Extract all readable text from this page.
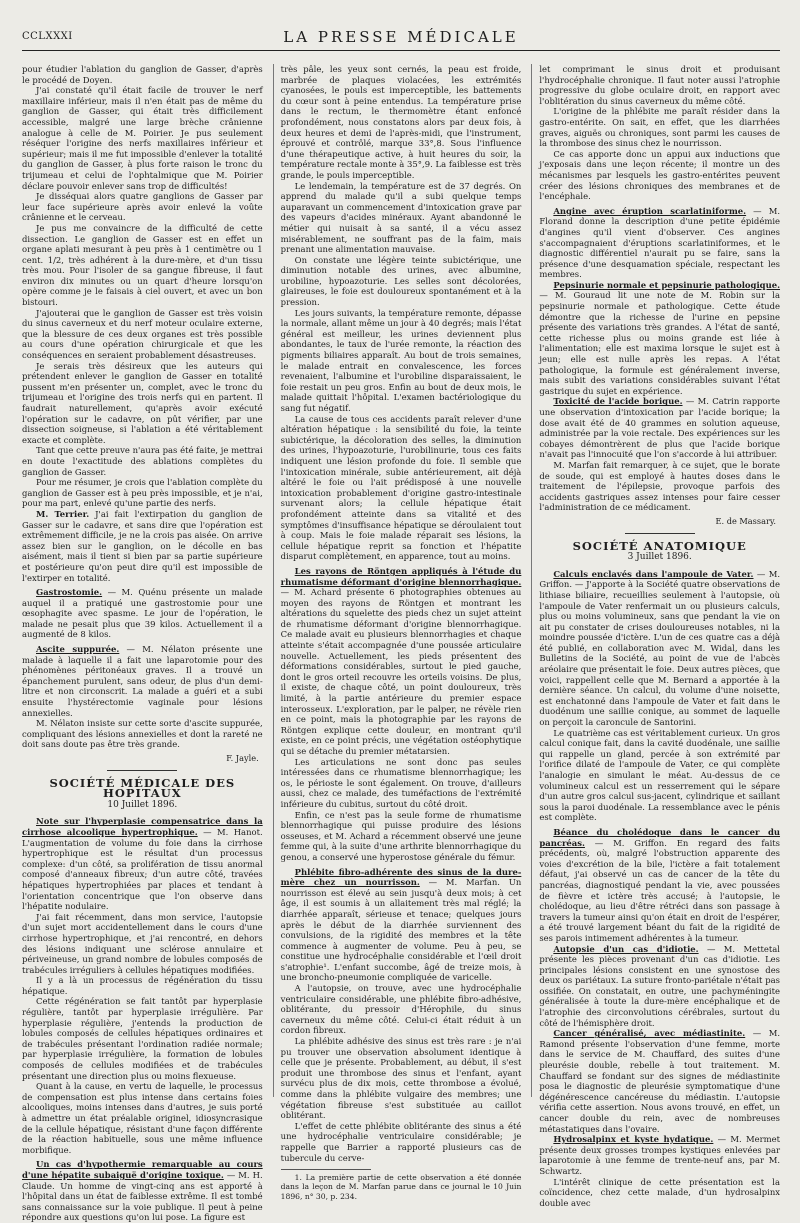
CCLXXXI	LA PRESSE MÉDICALE

pour étudier l'ablation du ganglion de Gasser, d'après le procédé de Doyen.

J'ai constaté qu'il était facile de trouver le nerf maxillaire inférieur, mais il n'en était pas de même du ganglion de Gasser, qui était très difficilement accessible, malgré une large brèche crânienne analogue à celle de M. Poirier. Je pus seulement réséquer l'origine des nerfs maxillaires inférieur et supérieur; mais il me fut impossible d'enlever la totalité du ganglion de Gasser, à plus forte raison le tronc du trijumeau et celui de l'ophtalmique que M. Poirier déclare pouvoir enlever sans trop de difficultés!

Je disséquai alors quatre ganglions de Gasser par leur face supérieure après avoir enlevé la voûte crânienne et le cerveau.

Je pus me convaincre de la difficulté de cette dissection. Le ganglion de Gasser est en effet un organe aplati mesurant à peu près à 1 centimètre ou 1 cent. 1/2, très adhérent à la dure-mère, et d'un tissu très mou. Pour l'isoler de sa gangue fibreuse, il faut environ dix minutes ou un quart d'heure lorsqu'on opère comme je le faisais à ciel ouvert, et avec un bon bistouri.

J'ajouterai que le ganglion de Gasser est très voisin du sinus caverneux et du nerf moteur oculaire externe, que la blessure de ces deux organes est très possible au cours d'une opération chirurgicale et que les conséquences en seraient probablement désastreuses.

Je serais très désireux que les auteurs qui prétendent enlever le ganglion de Gasser en totalité pussent m'en présenter un, complet, avec le tronc du trijumeau et l'origine des trois nerfs qui en partent. Il faudrait naturellement, qu'après avoir exécuté l'opération sur le cadavre, on pût vérifier, par une dissection soigneuse, si l'ablation a été véritablement exacte et complète.

Tant que cette preuve n'aura pas été faite, je mettrai en doute l'exactitude des ablations complètes du ganglion de Gasser.

Pour me résumer, je crois que l'ablation complète du ganglion de Gasser est à peu près impossible, et je n'ai, pour ma part, enlevé qu'une partie des nerfs.

M. Terrier. J'ai fait l'extirpation du ganglion de Gasser sur le cadavre, et sans dire que l'opération est extrêmement difficile, je ne la crois pas aisée. On arrive assez bien sur le ganglion, on le décolle en bas aisément, mais il tient si bien par sa partie supérieure et postérieure qu'on peut dire qu'il est impossible de l'extirper en totalité.

Gastrostomie. — M. Quénu présente un malade auquel il a pratiqué une gastrostomie pour une œsophagite avec spasme. Le jour de l'opération, le malade ne pesait plus que 39 kilos. Actuellement il a augmenté de 8 kilos.

Ascite suppurée. — M. Nélaton présente une malade à laquelle il a fait une laparotomie pour des phénomènes péritonéaux graves. Il a trouvé un épanchement purulent, sans odeur, de plus d'un demi-litre et non circonscrit. La malade a guéri et a subi ensuite l'hystérectomie vaginale pour lésions annexielles.

M. Nélaton insiste sur cette sorte d'ascite suppurée, compliquant des lésions annexielles et dont la rareté ne doit sans doute pas être très grande.

F. Jayle.
SOCIÉTÉ MÉDICALE DES HOPITAUX
10 Juillet 1896.

Note sur l'hyperplasie compensatrice dans la cirrhose alcoolique hypertrophique. — M. Hanot. L'augmentation de volume du foie dans la cirrhose hypertrophique est le résultat d'un processus complexe: d'un côté, sa prolifération de tissu anormal composé d'anneaux fibreux; d'un autre côté, travées hépatiques hypertrophiées par places et tendant à l'orientation concentrique que l'on observe dans l'hépatite nodulaire.

J'ai fait récemment, dans mon service, l'autopsie d'un sujet mort accidentellement dans le cours d'une cirrhose hypertrophique, et j'ai rencontré, en dehors des lésions indiquant une sclérose annulaire et périveineuse, un grand nombre de lobules composés de trabécules irréguliers à cellules hépatiques modifiées.

Il y a là un processus de régénération du tissu hépatique.

Cette régénération se fait tantôt par hyperplasie régulière, tantôt par hyperplasie irrégulière. Par hyperplasie régulière, j'entends la production de lobules composés de cellules hépatiques ordinaires et de trabécules présentant l'ordination radiée normale; par hyperplasie irrégulière, la formation de lobules composés de cellules modifiées et de trabécules présentant une direction plus ou moins flexueuse.

Quant à la cause, en vertu de laquelle, le processus de compensation est plus intense dans certains foies alcooliques, moins intenses dans d'autres, je suis porté à admettre un état préalable originel, idiosyncrasique de la cellule hépatique, résistant d'une façon différente de la réaction habituelle, sous une même influence morbifique.

Un cas d'hypothermie remarquable au cours d'une hépatite subaiguë d'origine toxique. — M. H. Claude. Un homme de vingt-cinq ans est apporté à l'hôpital dans un état de faiblesse extrême. Il est tombé sans connaissance sur la voie publique. Il peut à peine répondre aux questions qu'on lui pose. La figure est

très pâle, les yeux sont cernés, la peau est froide, marbrée de plaques violacées, les extrémités cyanosées, le pouls est imperceptible, les battements du cœur sont à peine entendus. La température prise dans le rectum, le thermomètre étant enfoncé profondément, nous constatons alors par deux fois, à deux heures et demi de l'après-midi, que l'instrument, éprouvé et contrôlé, marque 33°,8. Sous l'influence d'une thérapeutique active, à huit heures du soir, la température rectale monte à 35°,9. La faiblesse est très grande, le pouls imperceptible.

Le lendemain, la température est de 37 degrés. On apprend du malade qu'il a subi quelque temps auparavant un commencement d'intoxication grave par des vapeurs d'acides minéraux. Ayant abandonné le métier qui nuisait à sa santé, il a vécu assez misérablement, ne souffrant pas de la faim, mais prenant une alimentation mauvaise.

On constate une légère teinte subictérique, une diminution notable des urines, avec albumine, urobiline, hypoazoturie. Les selles sont décolorées, glaireuses, le foie est douloureux spontanément et à la pression.

Les jours suivants, la température remonte, dépasse la normale, allant même un jour à 40 degrés; mais l'état général est meilleur, les urines deviennent plus abondantes, le taux de l'urée remonte, la réaction des pigments biliaires apparaît. Au bout de trois semaines, le malade entrait en convalescence, les forces revenaient, l'albumine et l'urobiline disparaissaient, le foie restait un peu gros. Enfin au bout de deux mois, le malade quittait l'hôpital. L'examen bactériologique du sang fut négatif.

La cause de tous ces accidents paraît relever d'une altération hépatique : la sensibilité du foie, la teinte subictérique, la décoloration des selles, la diminution des urines, l'hypoazoturie, l'urobilinurie, tous ces faits indiquent une lésion profonde du foie. Il semble que l'intoxication minérale, subie antérieurement, ait déjà altéré le foie ou l'ait prédisposé à une nouvelle intoxication probablement d'origine gastro-intestinale survenant alors; la cellule hépatique était profondément atteinte dans sa vitalité et des symptômes d'insuffisance hépatique se déroulaient tout à coup. Mais le foie malade réparait ses lésions, la cellule hépatique reprit sa fonction et l'hépatite disparut complètement, en apparence, tout au moins.

Les rayons de Röntgen appliqués à l'étude du rhumatisme déformant d'origine blennorrhagique. — M. Achard présente 6 photographies obtenues au moyen des rayons de Röntgen et montrant les altérations du squelette des pieds chez un sujet atteint de rhumatisme déformant d'origine blennorrhagique. Ce malade avait eu plusieurs blennorrhagies et chaque atteinte s'était accompagnée d'une poussée articulaire nouvelle. Actuellement, les pieds présentent des déformations considérables, surtout le pied gauche, dont le gros orteil recouvre les orteils voisins. De plus, il existe, de chaque côté, un point douloureux, très limité, à la partie antérieure du premier espace interosseux. L'exploration, par le palper, ne révèle rien en ce point, mais la photographie par les rayons de Röntgen explique cette douleur, en montrant qu'il existe, en ce point précis, une végétation ostéophytique qui se détache du premier métatarsien.

Les articulations ne sont donc pas seules intéressées dans ce rhumatisme blennorrhagique; les os, le périoste le sont également. On trouve, d'ailleurs aussi, chez ce malade, des tuméfactions de l'extrémité inférieure du cubitus, surtout du côté droit.

Enfin, ce n'est pas la seule forme de rhumatisme blennorrhagique qui puisse produire des lésions osseuses, et M. Achard a récemment observé une jeune femme qui, à la suite d'une arthrite blennorrhagique du genou, a conservé une hyperostose générale du fémur.

Phlébite fibro-adhérente des sinus de la dure-mère chez un nourrisson. — M. Marfan. Un nourrisson est élevé au sein jusqu'à deux mois; à cet âge, il est soumis à un allaitement très mal réglé; la diarrhée apparaît, sérieuse et tenace; quelques jours après le début de la diarrhée surviennent des convulsions, de la rigidité des membres et la tête commence à augmenter de volume. Peu à peu, se constitue une hydrocéphalie considérable et l'œil droit s'atrophie¹. L'enfant succombe, âgé de treize mois, à une broncho-pneumonie compliquée de varicelle.

A l'autopsie, on trouve, avec une hydrocéphalie ventriculaire considérable, une phlébite fibro-adhésive, oblitérante, du pressoir d'Hérophile, du sinus caverneux du même côté. Celui-ci était réduit à un cordon fibreux.

La phlébite adhésive des sinus est très rare : je n'ai pu trouver une observation absolument identique à celle que je présente. Probablement, au début, il s'est produit une thrombose des sinus et l'enfant, ayant survécu plus de dix mois, cette thrombose a évolué, comme dans la phlébite vulgaire des membres; une végétation fibreuse s'est substituée au caillot oblitérant.

L'effet de cette phlébite oblitérante des sinus a été une hydrocéphalie ventriculaire considérable; je rappelle que Barrier a rapporté plusieurs cas de tubercule du cerve-

1. La première partie de cette observation a été donnée dans la leçon de M. Marfan parue dans ce journal le 10 Juin 1896, n° 30, p. 234.

let comprimant le sinus droit et produisant l'hydrocéphalie chronique. Il faut noter aussi l'atrophie progressive du globe oculaire droit, en rapport avec l'oblitération du sinus caverneux du même côté.

L'origine de la phlébite me paraît résider dans la gastro-entérite. On sait, en effet, que les diarrhées graves, aiguës ou chroniques, sont parmi les causes de la thrombose des sinus chez le nourrisson.

Ce cas apporte donc un appui aux inductions que j'exposais dans une leçon récente; il montre un des mécanismes par lesquels les gastro-entérites peuvent créer des lésions chroniques des membranes et de l'encéphale.

Angine avec éruption scarlatiniforme. — M. Florand donne la description d'une petite épidémie d'angines qu'il vient d'observer. Ces angines s'accompagnaient d'éruptions scarlatiniformes, et le diagnostic différentiel n'aurait pu se faire, sans la présence d'une desquamation spéciale, respectant les membres.

Pepsinurie normale et pepsinurie pathologique. — M. Gouraud lit une note de M. Robin sur la pepsinurie normale et pathologique. Cette étude démontre que la richesse de l'urine en pepsine présente des variations très grandes. A l'état de santé, cette richesse plus ou moins grande est liée à l'alimentation; elle est maxima lorsque le sujet est à jeun; elle est nulle après les repas. A l'état pathologique, la formule est généralement inverse, mais subit des variations considérables suivant l'état gastrique du sujet en expérience.

Toxicité de l'acide borique. — M. Catrin rapporte une observation d'intoxication par l'acide borique; la dose avait été de 40 grammes en solution aqueuse, administrée par la voie rectale. Des expériences sur les cobayes démontrèrent de plus que l'acide borique n'avait pas l'innocuité que l'on s'accorde à lui attribuer.

M. Marfan fait remarquer, à ce sujet, que le borate de soude, qui est employé à hautes doses dans le traitement de l'épilepsie, provoque parfois des accidents gastriques assez intenses pour faire cesser l'administration de ce médicament.

E. de Massary.
SOCIÉTÉ ANATOMIQUE
3 Juillet 1896.

Calculs enclavés dans l'ampoule de Vater. — M. Griffon. — J'apporte à la Société quatre observations de lithiase biliaire, recueillies seulement à l'autopsie, où l'ampoule de Vater renfermait un ou plusieurs calculs, plus ou moins volumineux, sans que pendant la vie on ait pu constater de crises douloureuses notables, ni la moindre poussée d'ictère. L'un de ces quatre cas a déjà été publié, en collaboration avec M. Widal, dans les Bulletins de la Société, au point de vue de l'abcès aréolaire que présentait le foie. Deux autres pièces, que voici, rappellent celle que M. Bernard a apportée à la dernière séance. Un calcul, du volume d'une noisette, est enchatonné dans l'ampoule de Vater et fait dans le duodénum une saillie conique, au sommet de laquelle on perçoit la caroncule de Santorini.

Le quatrième cas est véritablement curieux. Un gros calcul conique fait, dans la cavité duodénale, une saillie qui rappelle un gland, percée à son extrémité par l'orifice dilaté de l'ampoule de Vater, ce qui complète l'analogie en simulant le méat. Au-dessus de ce volumineux calcul est un resserrement qui le sépare d'un autre gros calcul sus-jacent, cylindrique et saillant sous la paroi duodénale. La ressemblance avec le pénis est complète.

Béance du cholédoque dans le cancer du pancréas. — M. Griffon. En regard des faits précédents, où, malgré l'obstruction apparente des voies d'excrétion de la bile, l'ictère a fait totalement défaut, j'ai observé un cas de cancer de la tête du pancréas, diagnostiqué pendant la vie, avec poussées de fièvre et ictère très accusé; à l'autopsie, le cholédoque, au lieu d'être rétréci dans son passage à travers la tumeur ainsi qu'on était en droit de l'espérer, a été trouvé largement béant du fait de la rigidité de ses parois intimement adhérentes à la tumeur.

Autopsie d'un cas d'idiotie. — M. Mettetal présente les pièces provenant d'un cas d'idiotie. Les principales lésions consistent en une synostose des deux os pariétaux. La suture fronto-pariétale n'était pas ossifiée. On constatait, en outre, une pachyméningite généralisée à toute la dure-mère encéphalique et de l'atrophie des circonvolutions cérébrales, surtout du côté de l'hémisphère droit.

Cancer généralisé, avec médiastinite. — M. Ramond présente l'observation d'une femme, morte dans le service de M. Chauffard, des suites d'une pleurésie double, rebelle à tout traitement. M. Chauffard se fondant sur des signes de médiastinite posa le diagnostic de pleurésie symptomatique d'une dégénérescence cancéreuse du médiastin. L'autopsie vérifia cette assertion. Nous avons trouvé, en effet, un cancer double du rein, avec de nombreuses métastatiques dans l'ovaire.

Hydrosalpinx et kyste hydatique. — M. Mermet présente deux grosses trompes kystiques enlevées par laparotomie à une femme de trente-neuf ans, par M. Schwartz.

L'intérêt clinique de cette présentation est la coïncidence, chez cette malade, d'un hydrosalpinx double avec
